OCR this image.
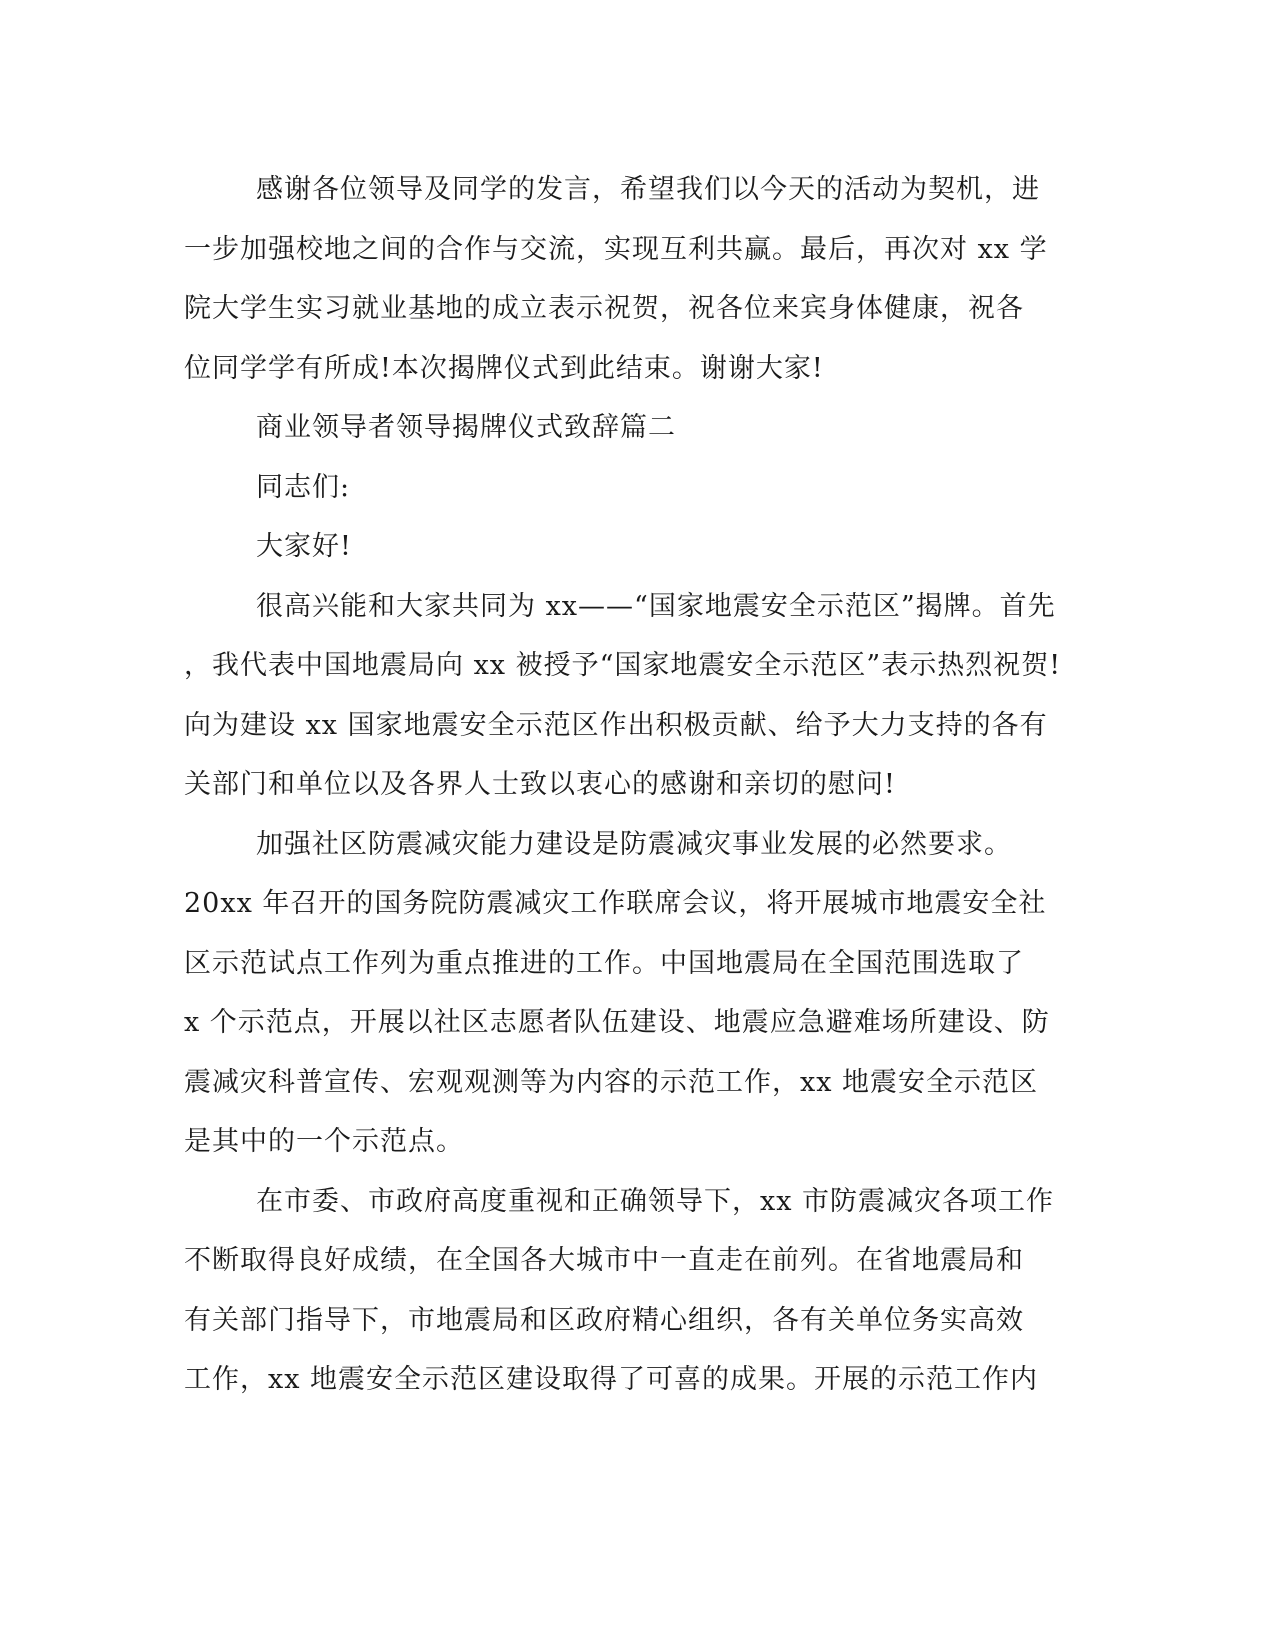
感谢各位领导及同学的发言，希望我们以今天的活动为契机，进
一步加强校地之间的合作与交流，实现互利共赢。最后，再次对 xx 学
院大学生实习就业基地的成立表示祝贺，祝各位来宾身体健康，祝各
位同学学有所成!本次揭牌仪式到此结束。谢谢大家!
商业领导者领导揭牌仪式致辞篇二
同志们:
大家好!
很高兴能和大家共同为 xx——“国家地震安全示范区”揭牌。首先
，我代表中国地震局向 xx 被授予“国家地震安全示范区”表示热烈祝贺!
向为建设 xx 国家地震安全示范区作出积极贡献、给予大力支持的各有
关部门和单位以及各界人士致以衷心的感谢和亲切的慰问!
加强社区防震减灾能力建设是防震减灾事业发展的必然要求。
20xx 年召开的国务院防震减灾工作联席会议，将开展城市地震安全社
区示范试点工作列为重点推进的工作。中国地震局在全国范围选取了
x 个示范点，开展以社区志愿者队伍建设、地震应急避难场所建设、防
震减灾科普宣传、宏观观测等为内容的示范工作，xx 地震安全示范区
是其中的一个示范点。
在市委、市政府高度重视和正确领导下，xx 市防震减灾各项工作
不断取得良好成绩，在全国各大城市中一直走在前列。在省地震局和
有关部门指导下，市地震局和区政府精心组织，各有关单位务实高效
工作，xx 地震安全示范区建设取得了可喜的成果。开展的示范工作内
